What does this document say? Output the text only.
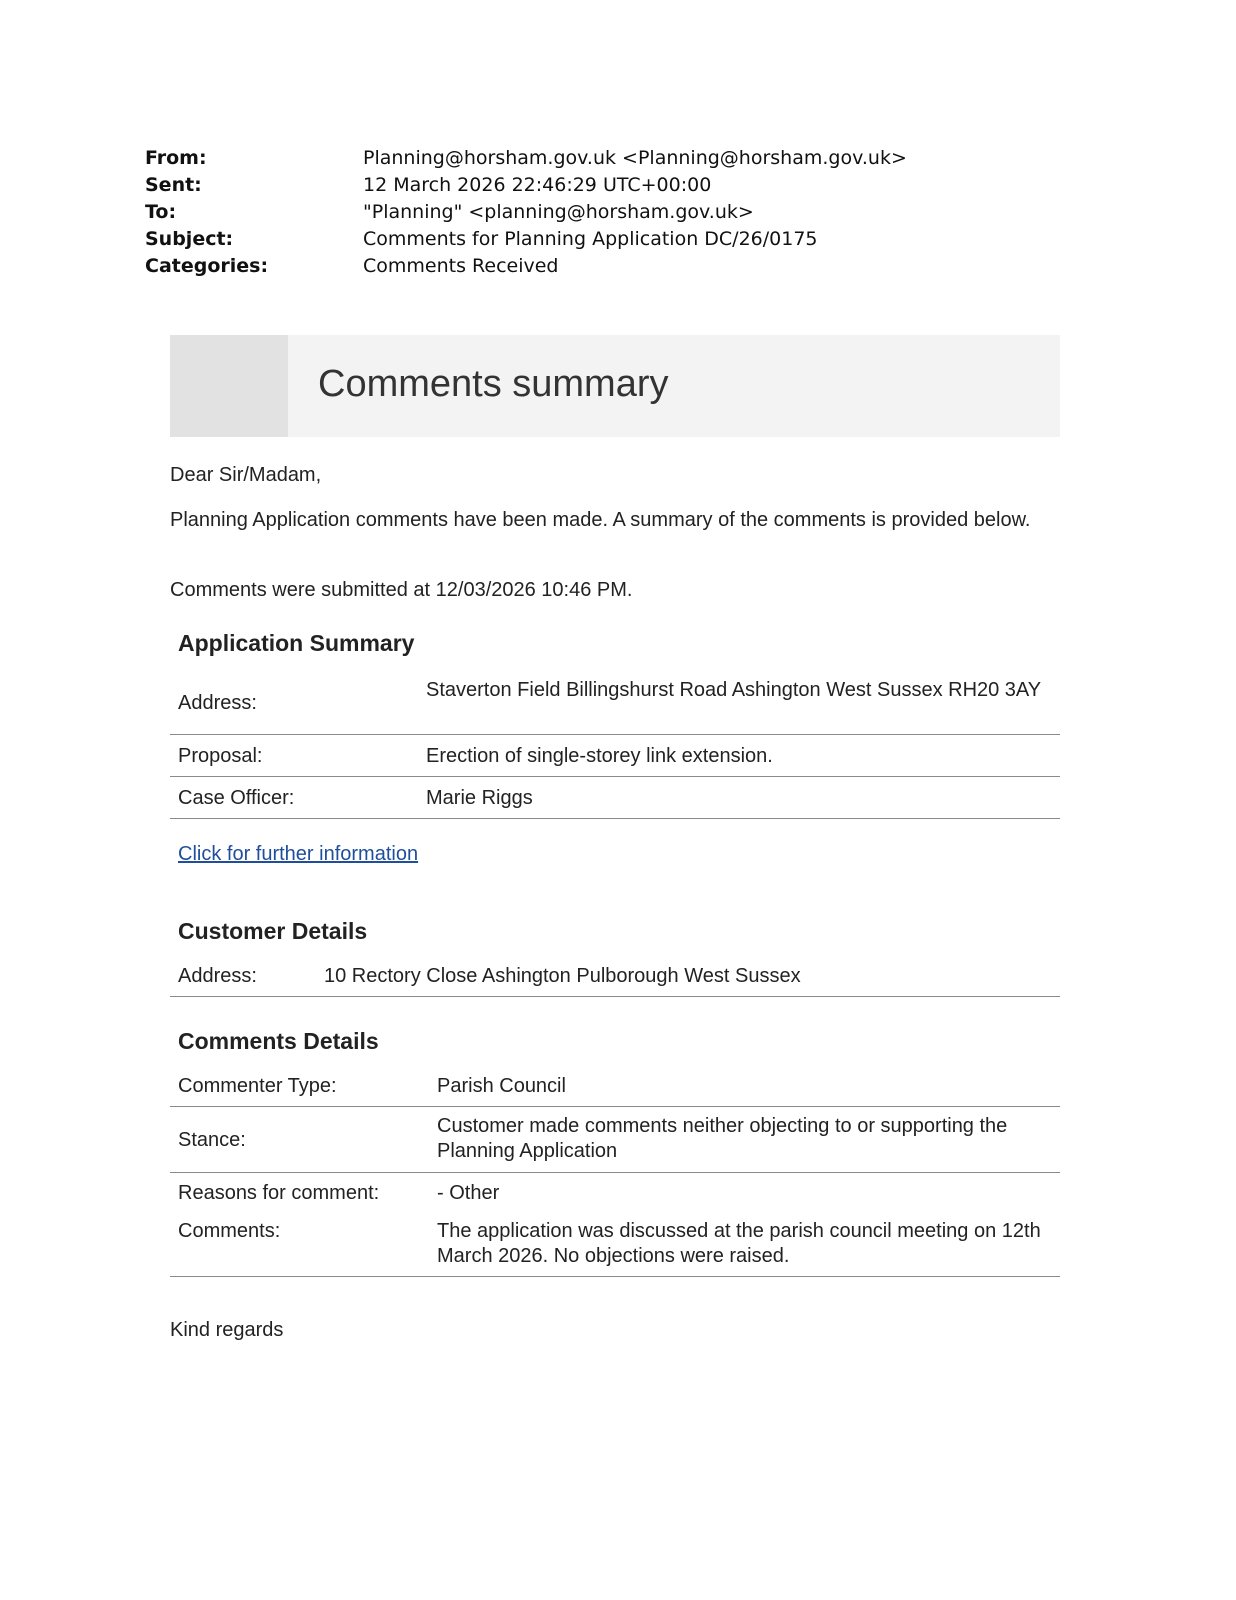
From:	Planning@horsham.gov.uk <Planning@horsham.gov.uk>
Sent:	12 March 2026 22:46:29 UTC+00:00
To:	"Planning" <planning@horsham.gov.uk>
Subject:	Comments for Planning Application DC/26/0175
Categories:	Comments Received
Comments summary
Dear Sir/Madam,
Planning Application comments have been made. A summary of the comments is provided below.
Comments were submitted at 12/03/2026 10:46 PM.
Application Summary
Address:
Staverton Field Billingshurst Road Ashington West Sussex RH20 3AY
Proposal:	Erection of single-storey link extension.
Case Officer:	Marie Riggs
Click for further information
Customer Details
Address:	10 Rectory Close Ashington Pulborough West Sussex
Comments Details
Commenter Type:	Parish Council
Stance:
Customer made comments neither objecting to or supporting the Planning Application
Reasons for comment:	- Other
Comments:	The application was discussed at the parish council meeting on 12th March 2026. No objections were raised.
Kind regards
